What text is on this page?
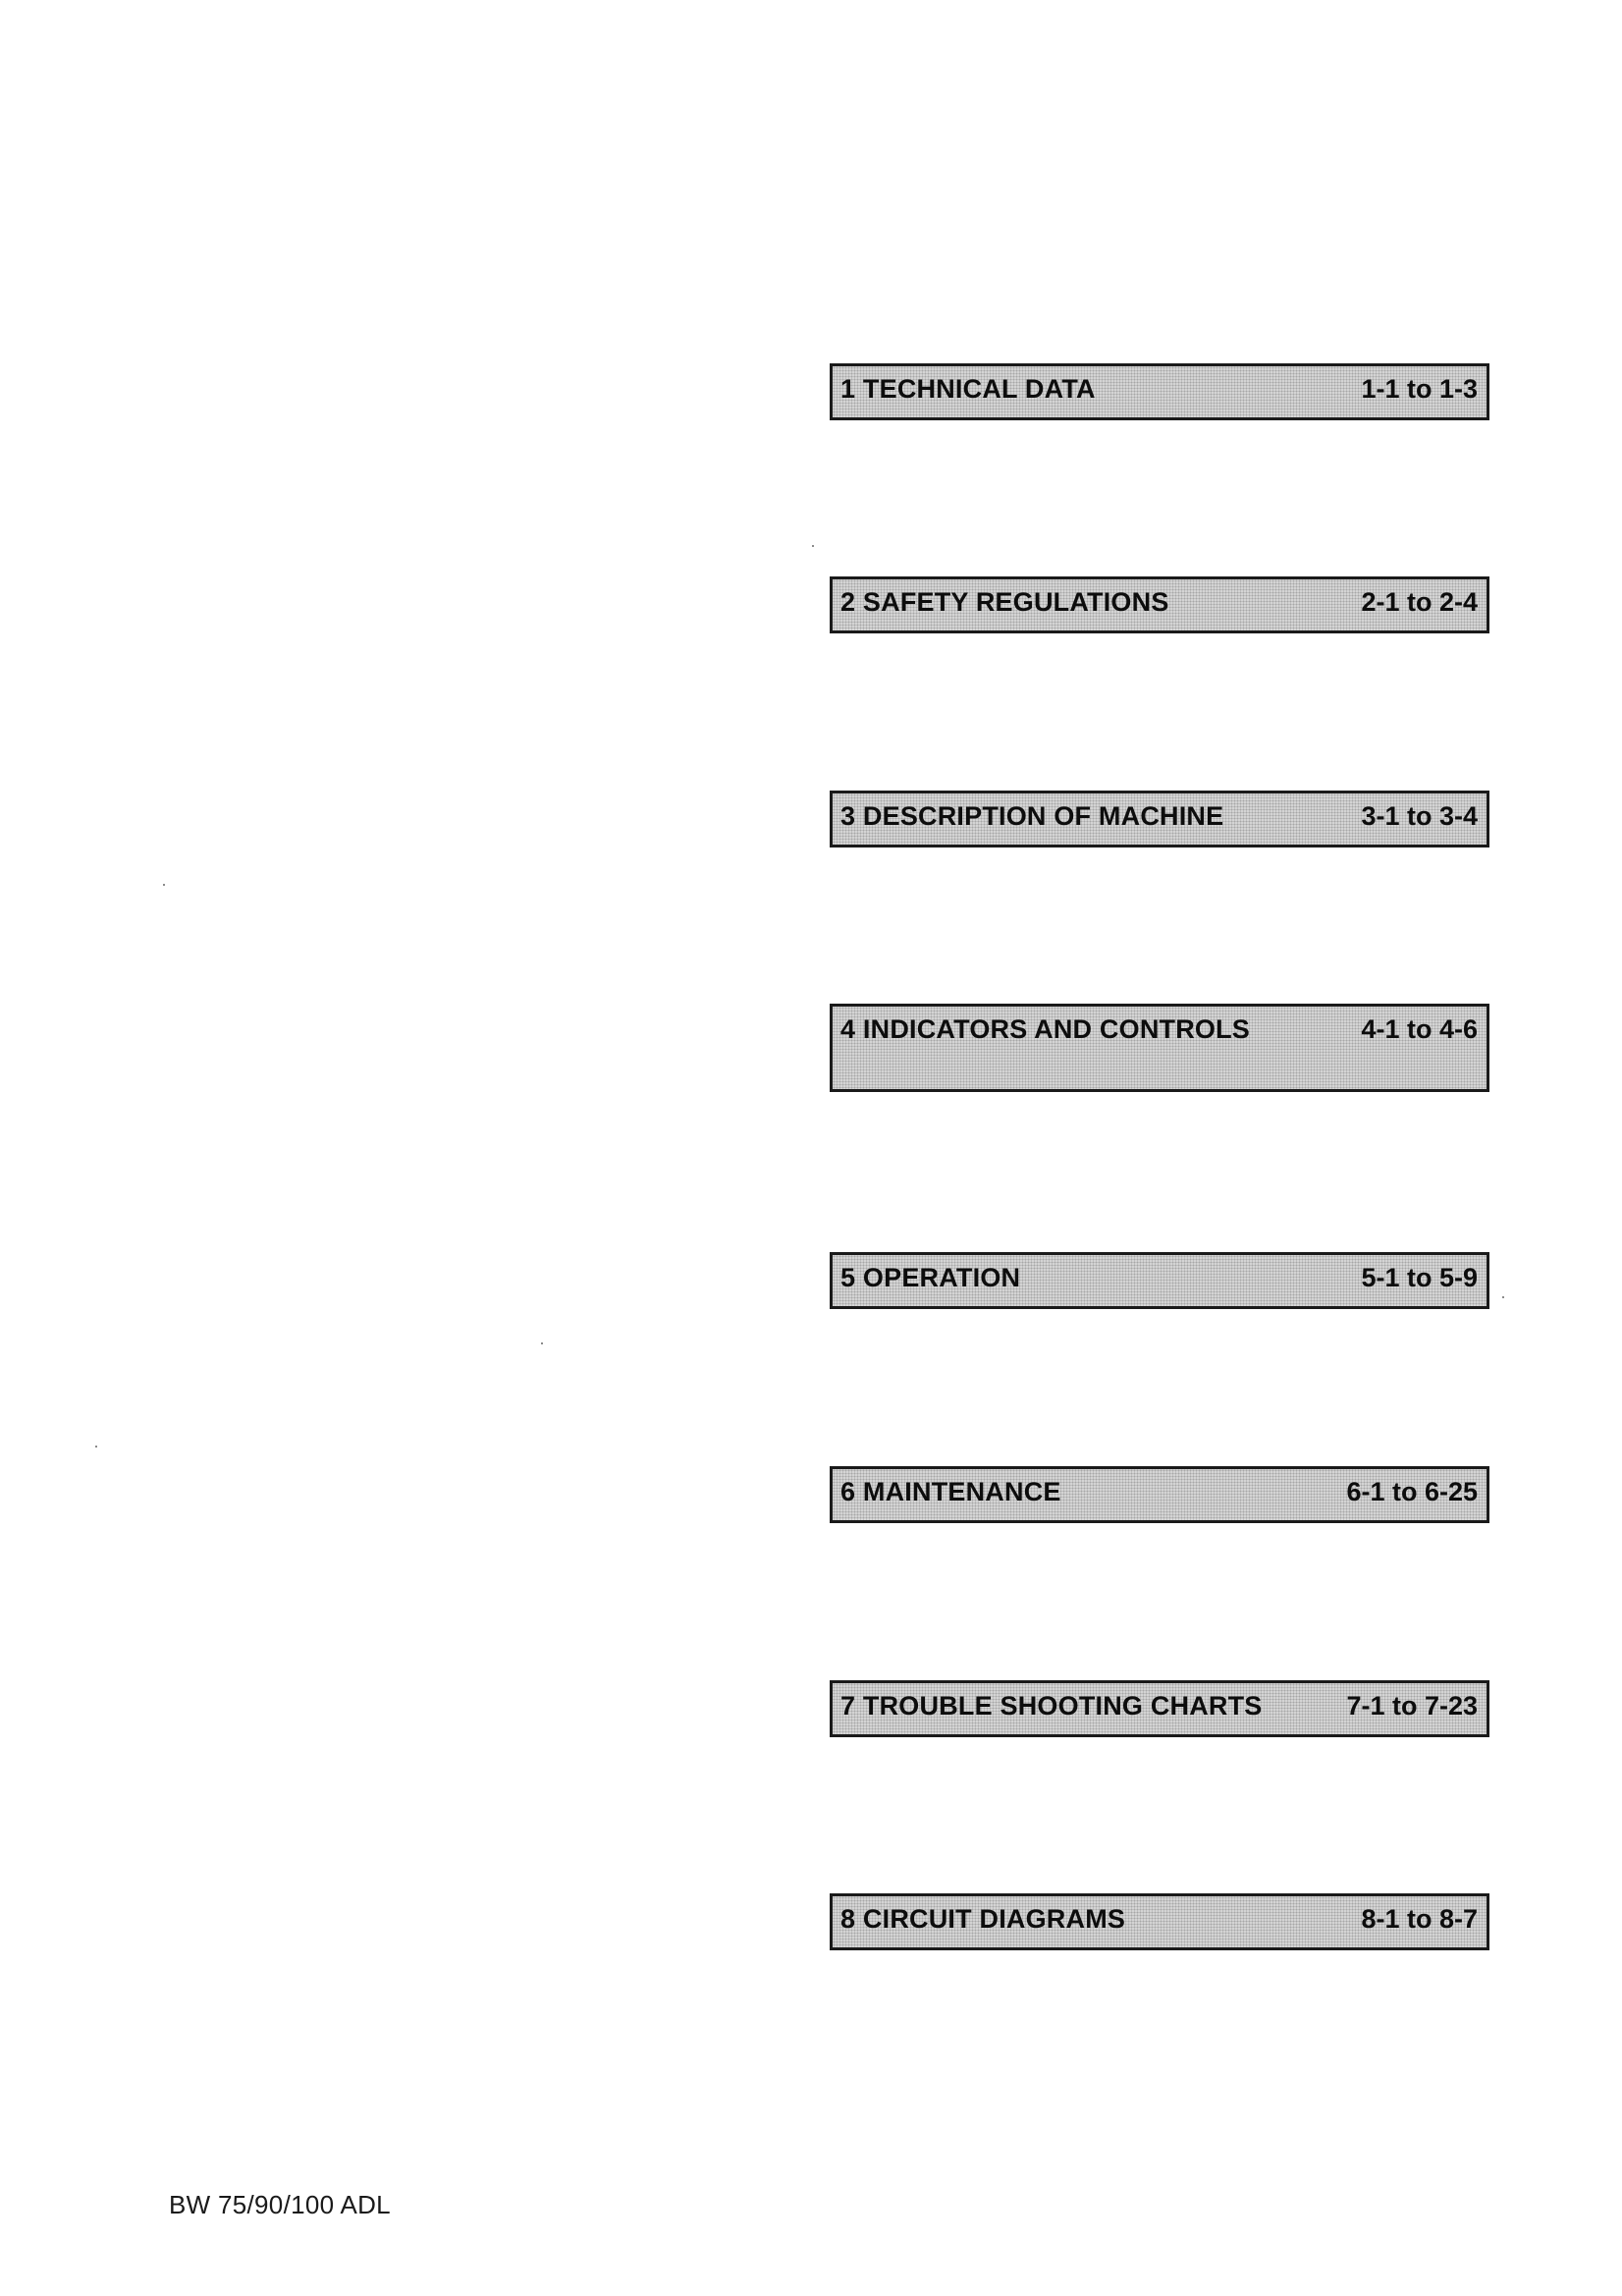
1 TECHNICAL DATA	1-1 to 1-3
2 SAFETY REGULATIONS	2-1 to 2-4
3 DESCRIPTION OF MACHINE	3-1 to 3-4
4 INDICATORS AND CONTROLS	4-1 to 4-6
5 OPERATION	5-1 to 5-9
6 MAINTENANCE	6-1 to 6-25
7 TROUBLE SHOOTING CHARTS	7-1 to 7-23
8 CIRCUIT DIAGRAMS	8-1 to 8-7
BW 75/90/100 ADL
